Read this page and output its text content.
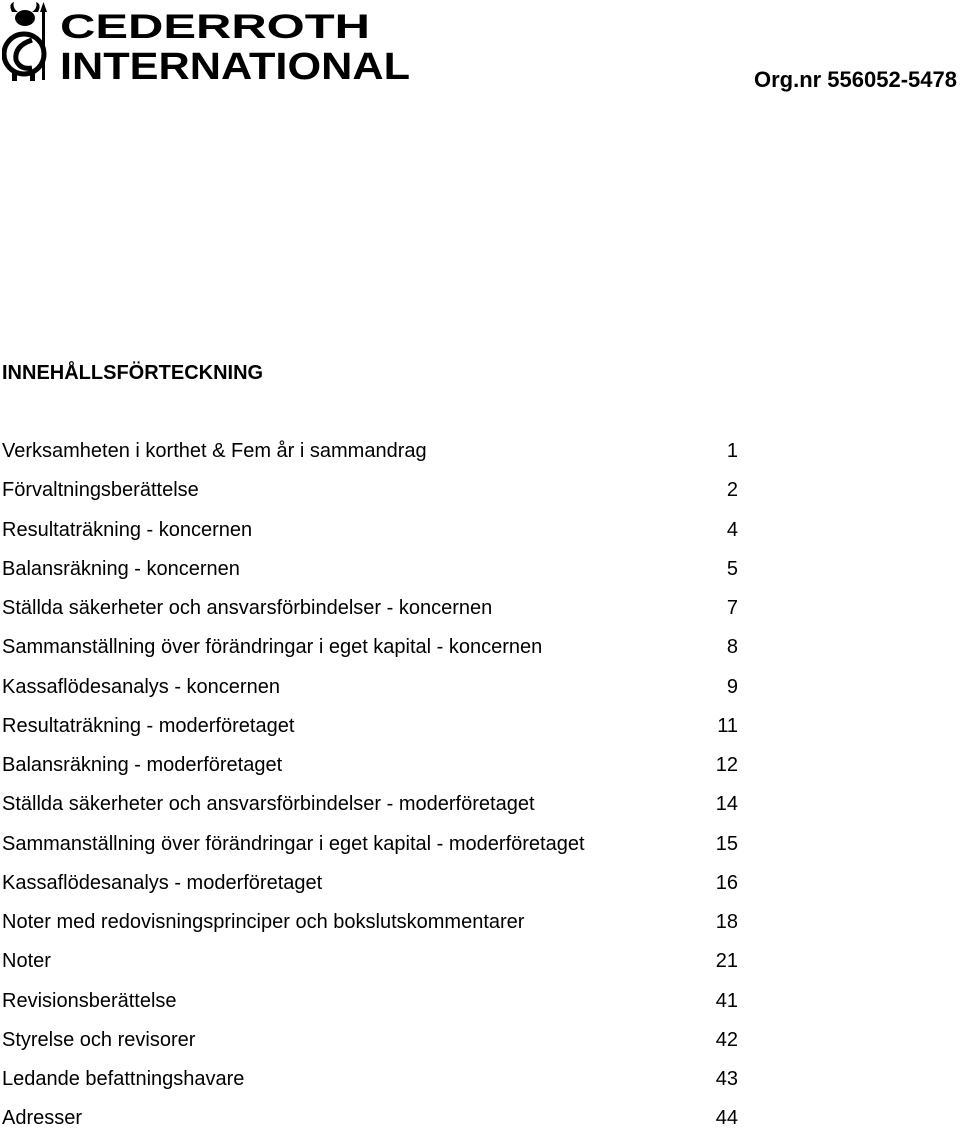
CEDERROTH
INTERNATIONAL	Org.nr 556052-5478
INNEHÅLLSFÖRTECKNING
Verksamheten i korthet & Fem år i sammandrag	1
Förvaltningsberättelse	2
Resultaträkning - koncernen	4
Balansräkning - koncernen	5
Ställda säkerheter och ansvarsförbindelser - koncernen	7
Sammanställning över förändringar i eget kapital - koncernen	8
Kassaflödesanalys - koncernen	9
Resultaträkning - moderföretaget	11
Balansräkning - moderföretaget	12
Ställda säkerheter och ansvarsförbindelser - moderföretaget	14
Sammanställning över förändringar i eget kapital - moderföretaget	15
Kassaflödesanalys - moderföretaget	16
Noter med redovisningsprinciper och bokslutskommentarer	18
Noter	21
Revisionsberättelse	41
Styrelse och revisorer	42
Ledande befattningshavare	43
Adresser	44
